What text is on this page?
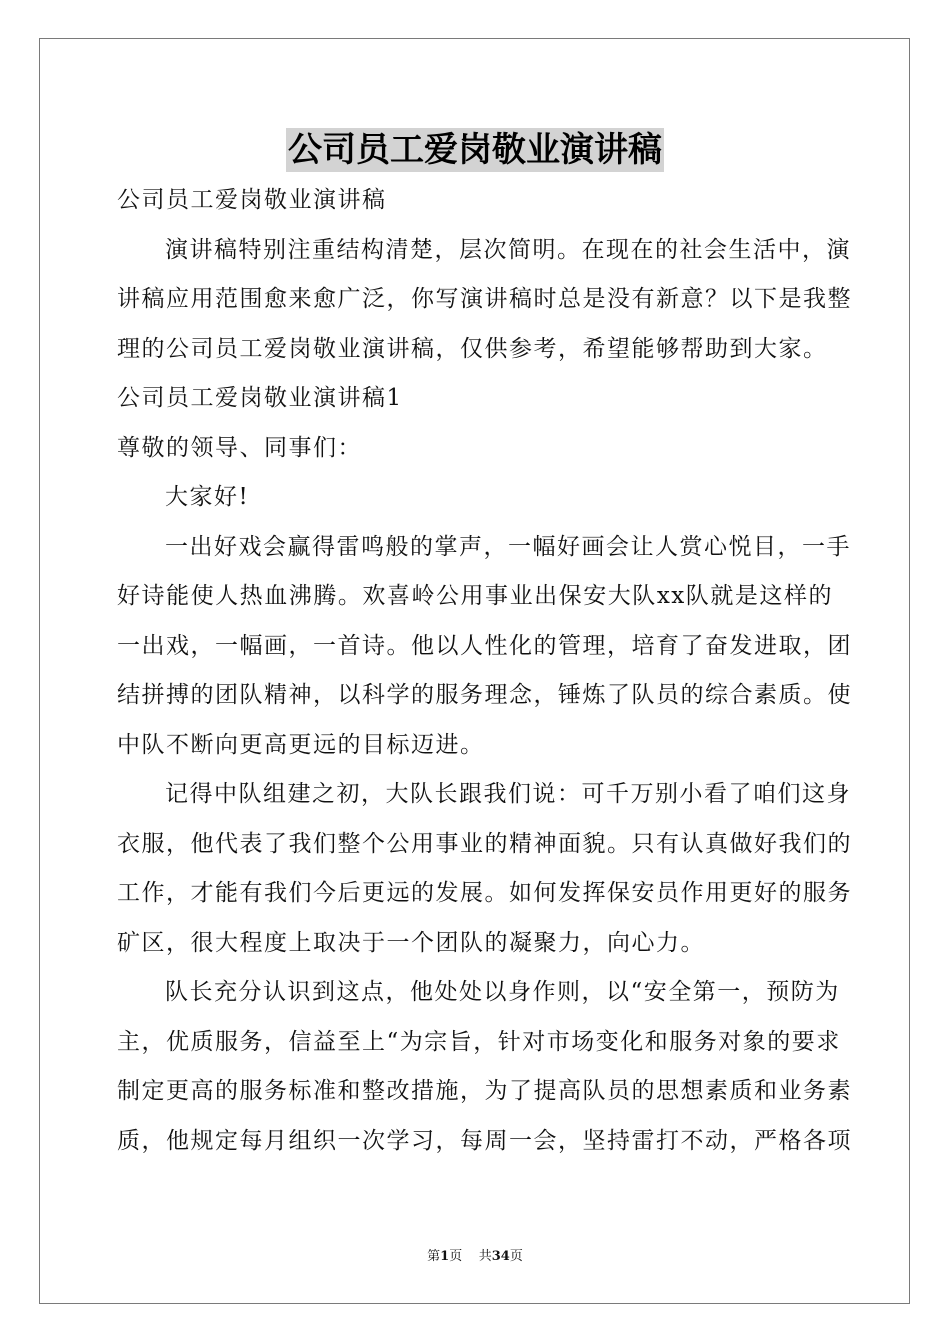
公司员工爱岗敬业演讲稿
公司员工爱岗敬业演讲稿
演讲稿特别注重结构清楚，层次简明。在现在的社会生活中，演
讲稿应用范围愈来愈广泛，你写演讲稿时总是没有新意？以下是我整
理的公司员工爱岗敬业演讲稿，仅供参考，希望能够帮助到大家。
公司员工爱岗敬业演讲稿1
尊敬的领导、同事们：
大家好!
一出好戏会赢得雷鸣般的掌声，一幅好画会让人赏心悦目，一手
好诗能使人热血沸腾。欢喜岭公用事业出保安大队xx队就是这样的
一出戏，一幅画，一首诗。他以人性化的管理，培育了奋发进取，团
结拼搏的团队精神，以科学的服务理念，锤炼了队员的综合素质。使
中队不断向更高更远的目标迈进。
记得中队组建之初，大队长跟我们说：可千万别小看了咱们这身
衣服，他代表了我们整个公用事业的精神面貌。只有认真做好我们的
工作，才能有我们今后更远的发展。如何发挥保安员作用更好的服务
矿区，很大程度上取决于一个团队的凝聚力，向心力。
队长充分认识到这点，他处处以身作则，以“安全第一，预防为
主，优质服务，信益至上“为宗旨，针对市场变化和服务对象的要求
制定更高的服务标准和整改措施，为了提高队员的思想素质和业务素
质，他规定每月组织一次学习，每周一会，坚持雷打不动，严格各项
第1页 共34页
